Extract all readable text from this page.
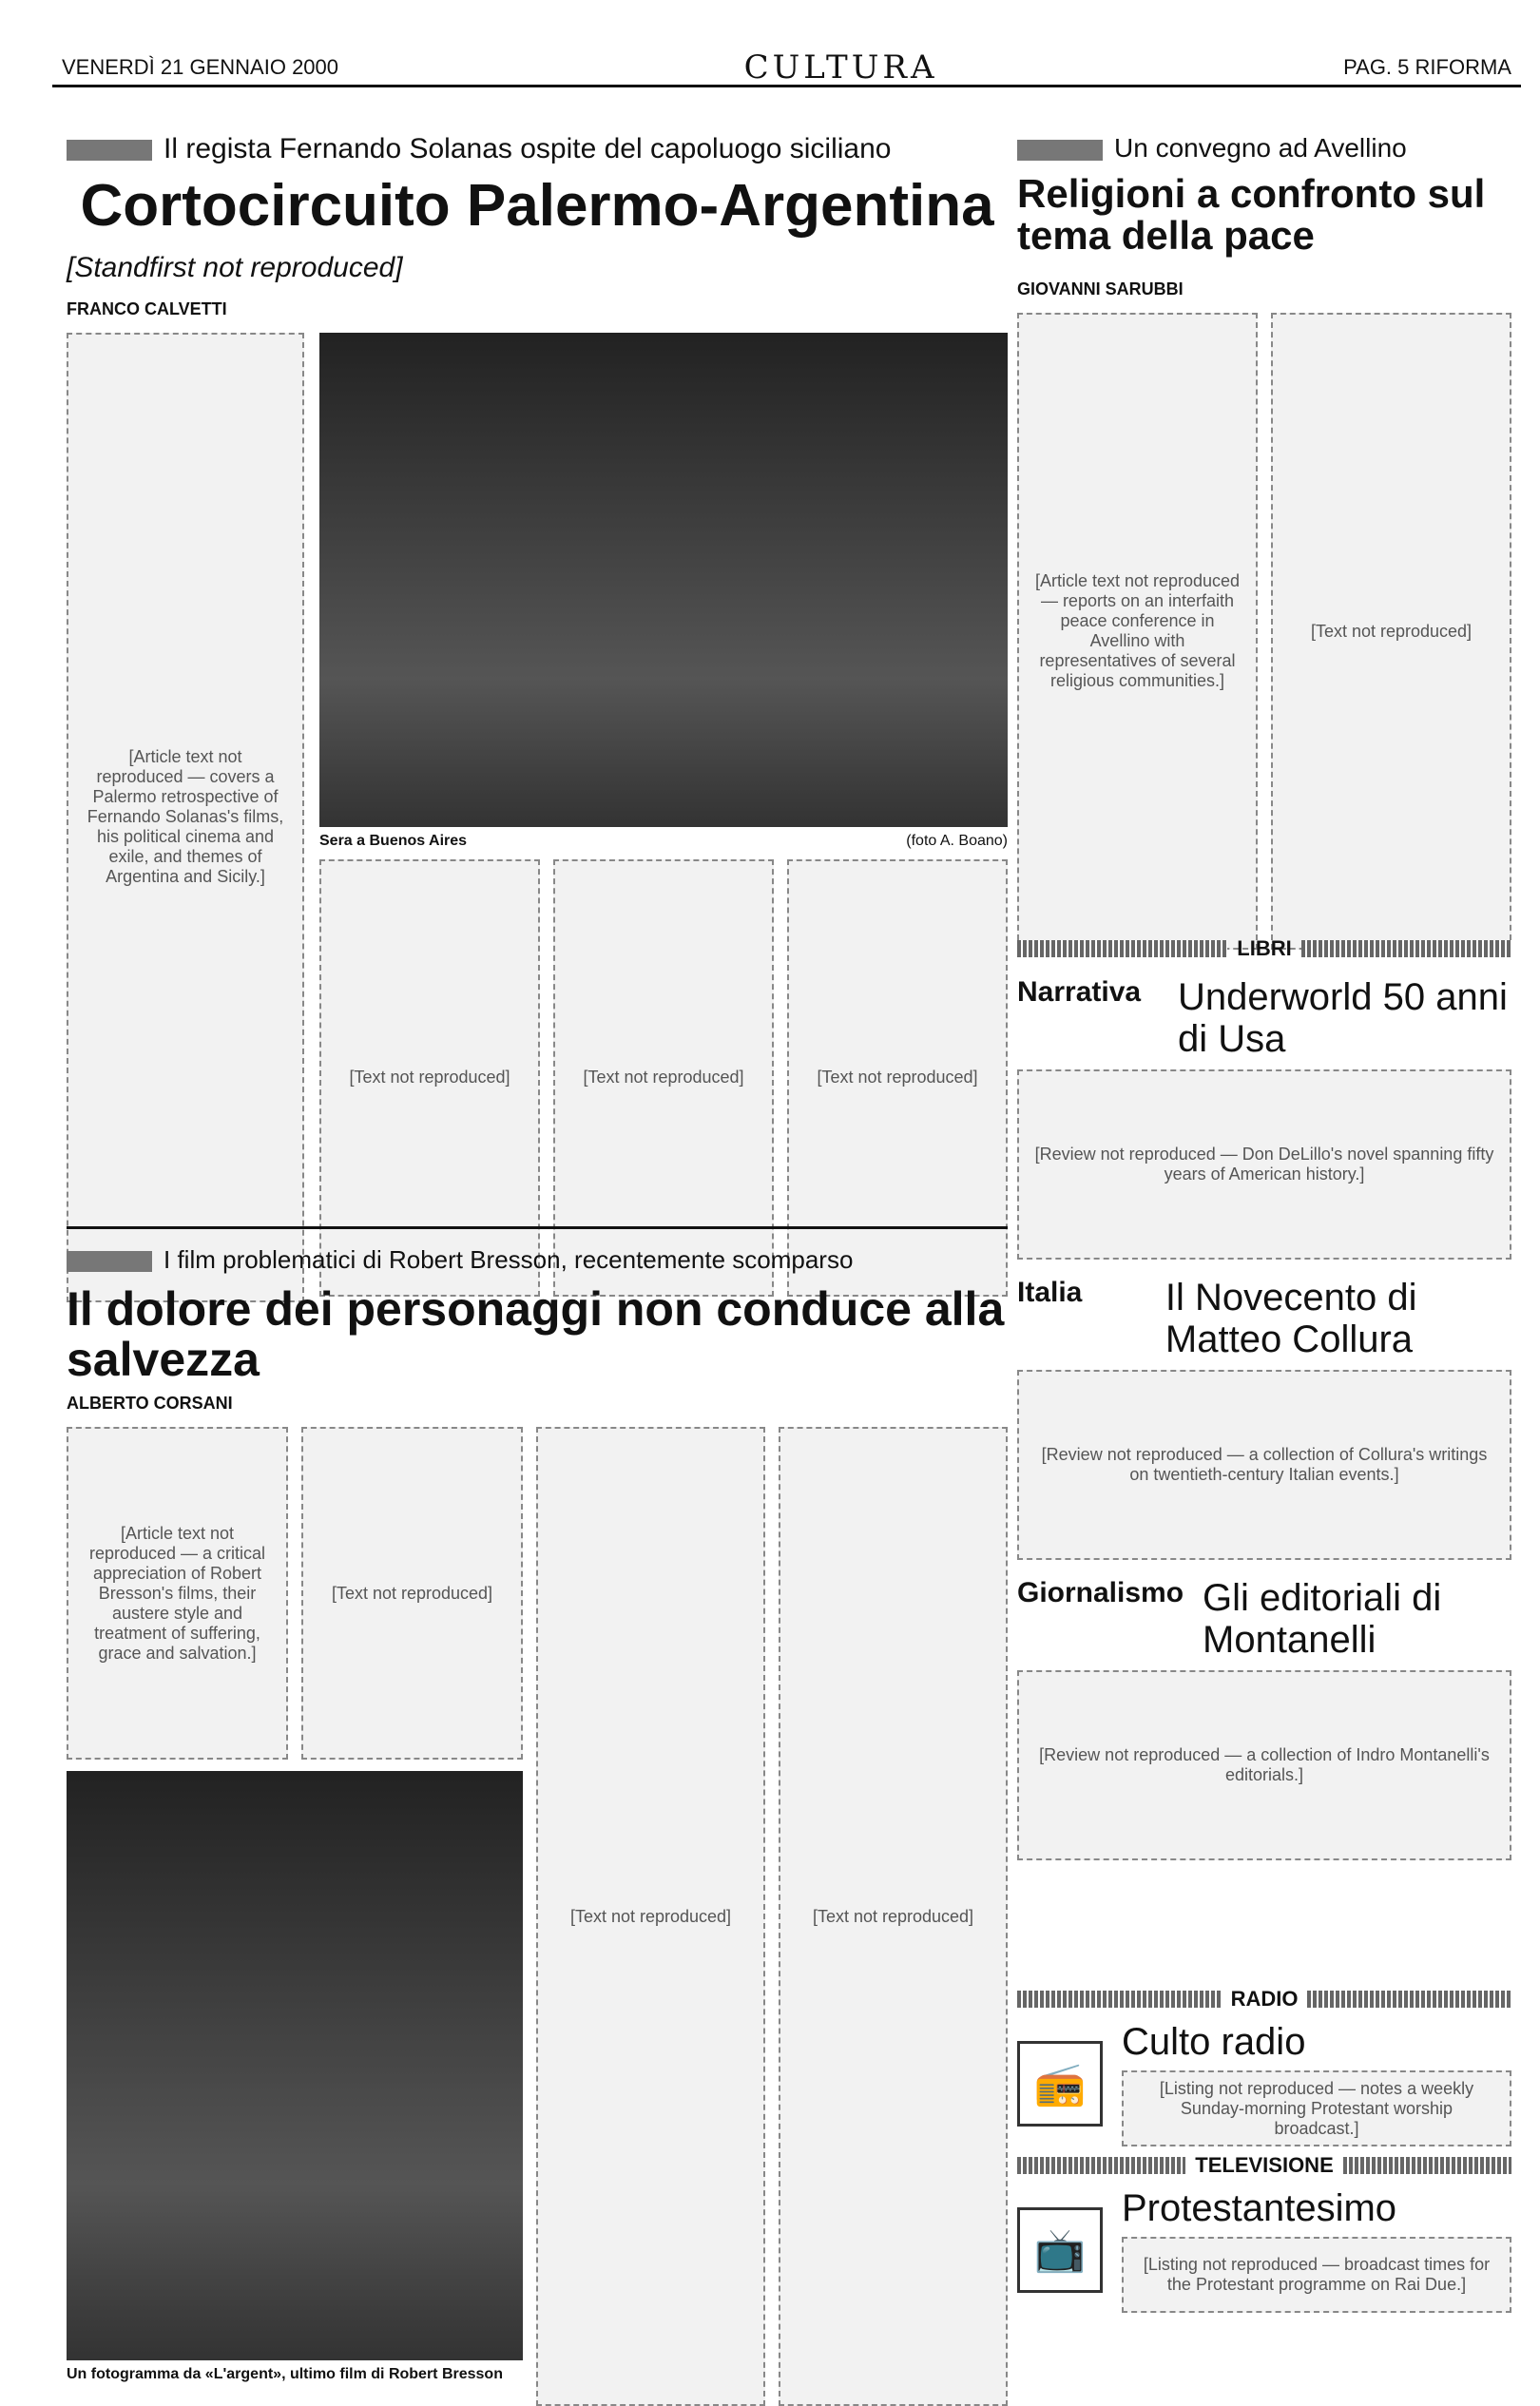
VENERDÌ 21 GENNAIO 2000	CULTURA	PAG. 5 RIFORMA
Il regista Fernando Solanas ospite del capoluogo siciliano
Cortocircuito Palermo-Argentina
[Standfirst not reproduced]
FRANCO CALVETTI
[Article text not reproduced — covers a Palermo retrospective of Fernando Solanas's films, his political cinema and exile, and themes of Argentina and Sicily.]
Sera a Buenos Aires	(foto A. Boano)
[Text not reproduced]	[Text not reproduced]	[Text not reproduced]
Un convegno ad Avellino
Religioni a confronto sul tema della pace
GIOVANNI SARUBBI
[Article text not reproduced — reports on an interfaith peace conference in Avellino with representatives of several religious communities.]
[Text not reproduced]
I film problematici di Robert Bresson, recentemente scomparso
Il dolore dei personaggi non conduce alla salvezza
ALBERTO CORSANI
[Article text not reproduced — a critical appreciation of Robert Bresson's films, their austere style and treatment of suffering, grace and salvation.]
[Text not reproduced]
Un fotogramma da «L'argent», ultimo film di Robert Bresson
[Text not reproduced]	[Text not reproduced]
LIBRI
Narrativa Underworld 50 anni di Usa
[Review not reproduced — Don DeLillo's novel spanning fifty years of American history.]
Italia	Il Novecento di Matteo Collura
[Review not reproduced — a collection of Collura's writings on twentieth-century Italian events.]
Giornalismo Gli editoriali di Montanelli
[Review not reproduced — a collection of Indro Montanelli's editorials.]
RADIO
📻
Culto radio
[Listing not reproduced — notes a weekly Sunday-morning Protestant worship broadcast.]
TELEVISIONE
📺
Protestantesimo
[Listing not reproduced — broadcast times for the Protestant programme on Rai Due.]
